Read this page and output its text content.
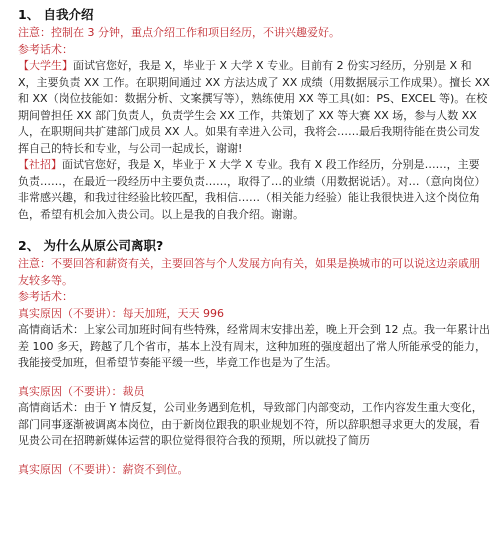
1、 自我介绍

注意：控制在 3 分钟，重点介绍工作和项目经历，不讲兴趣爱好。

参考话术：

【大学生】面试官您好，我是 X，毕业于 X 大学 X 专业。目前有 2 份实习经历，分别是 X 和 X，主要负责 XX 工作。在职期间通过 XX 方法达成了 XX 成绩（用数据展示工作成果）。擅长 XX 和 XX（岗位技能如：数据分析、文案撰写等），熟练使用 XX 等工具(如：PS、EXCEL 等)。在校期间曾担任 XX 部门负责人，负责学生会 XX 工作，共策划了 XX 等大赛 XX 场，参与人数 XX 人，在职期间共扩建部门成员 XX 人。如果有幸进入公司，我将会……最后我期待能在贵公司发挥自己的特长和专业，与公司一起成长，谢谢!

【社招】面试官您好，我是 X，毕业于 X 大学 X 专业。我有 X 段工作经历，分别是……，主要负责……，在最近一段经历中主要负责……，取得了…的业绩（用数据说话）。对…（意向岗位）非常感兴趣，和我过往经验比较匹配，我相信……（相关能力经验）能让我很快进入这个岗位角色，希望有机会加入贵公司。以上是我的自我介绍。谢谢。

2、 为什么从原公司离职?

注意：不要回答和薪资有关，主要回答与个人发展方向有关，如果是换城市的可以说这边亲戚朋友较多等。

参考话术：

真实原因（不要讲）：每天加班，天天 996

高情商话术：上家公司加班时间有些特殊，经常周末安排出差，晚上开会到 12 点。我一年累计出差 100 多天，跨越了几个省市，基本上没有周末，这种加班的强度超出了常人所能承受的能力，我能接受加班，但希望节奏能平缓一些，毕竟工作也是为了生活。

真实原因（不要讲）：裁员

高情商话术：由于 Y 情反复，公司业务遇到危机，导致部门内部变动，工作内容发生重大变化，部门同事逐渐被调离本岗位，由于新岗位跟我的职业规划不符，所以辞职想寻求更大的发展，看见贵公司在招聘新媒体运营的职位觉得很符合我的预期，所以就投了简历

真实原因（不要讲）：薪资不到位。
